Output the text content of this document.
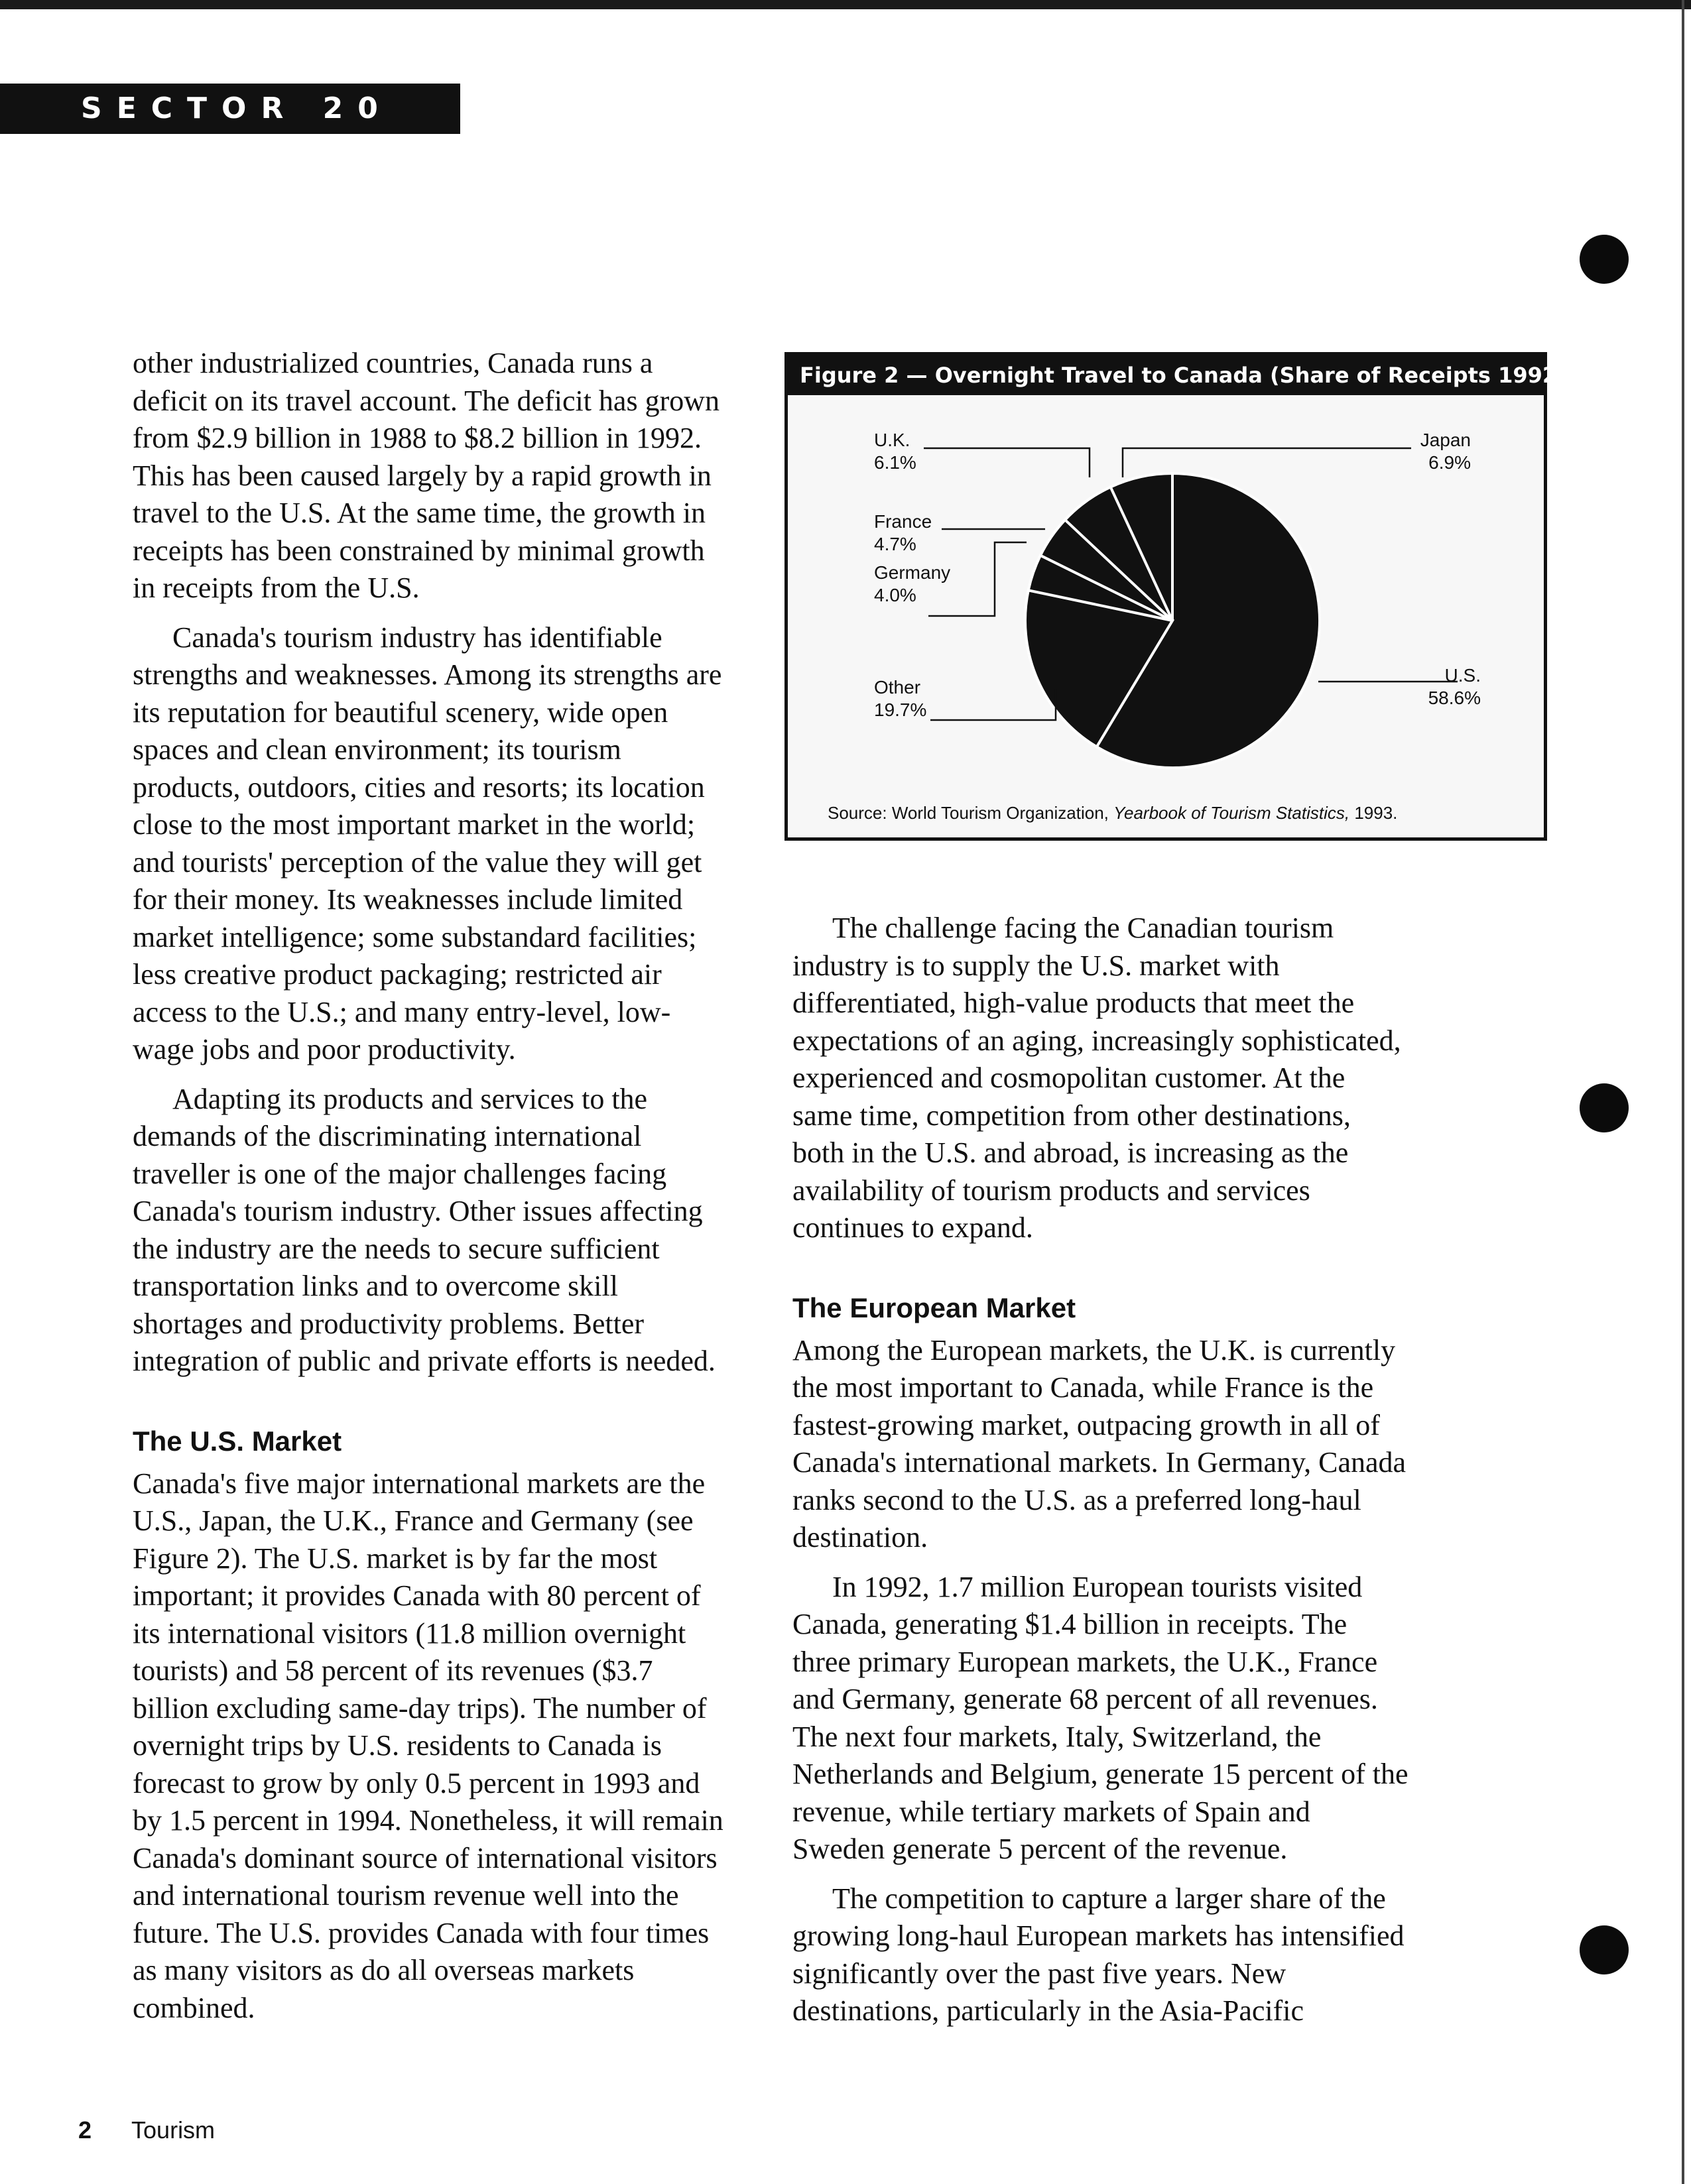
SECTOR 20

other industrialized countries, Canada runs a deficit on its travel account. The deficit has grown from $2.9 billion in 1988 to $8.2 billion in 1992. This has been caused largely by a rapid growth in travel to the U.S. At the same time, the growth in receipts has been constrained by minimal growth in receipts from the U.S.

Canada's tourism industry has identifiable strengths and weaknesses. Among its strengths are its reputation for beautiful scenery, wide open spaces and clean environment; its tourism products, outdoors, cities and resorts; its location close to the most important market in the world; and tourists' perception of the value they will get for their money. Its weaknesses include limited market intelligence; some substandard facilities; less creative product packaging; restricted air access to the U.S.; and many entry-level, low-wage jobs and poor productivity.

Adapting its products and services to the demands of the discriminating international traveller is one of the major challenges facing Canada's tourism industry. Other issues affecting the industry are the needs to secure sufficient transportation links and to overcome skill shortages and productivity problems. Better integration of public and private efforts is needed.

The U.S. Market

Canada's five major international markets are the U.S., Japan, the U.K., France and Germany (see Figure 2). The U.S. market is by far the most important; it provides Canada with 80 percent of its international visitors (11.8 million overnight tourists) and 58 percent of its revenues ($3.7 billion excluding same-day trips). The number of overnight trips by U.S. residents to Canada is forecast to grow by only 0.5 percent in 1993 and by 1.5 percent in 1994. Nonetheless, it will remain Canada's dominant source of international visitors and international tourism revenue well into the future. The U.S. provides Canada with four times as many visitors as do all overseas markets combined.

Figure 2 — Overnight Travel to Canada (Share of Receipts 1992)
U.S.
58.6%
Other
19.7%
Germany
4.0%
France
4.7%
U.K.
6.1%
Japan
6.9%
Source: World Tourism Organization, Yearbook of Tourism Statistics, 1993.

The challenge facing the Canadian tourism industry is to supply the U.S. market with differentiated, high-value products that meet the expectations of an aging, increasingly sophisticated, experienced and cosmopolitan customer. At the same time, competition from other destinations, both in the U.S. and abroad, is increasing as the availability of tourism products and services continues to expand.

The European Market

Among the European markets, the U.K. is currently the most important to Canada, while France is the fastest-growing market, outpacing growth in all of Canada's international markets. In Germany, Canada ranks second to the U.S. as a preferred long-haul destination.

In 1992, 1.7 million European tourists visited Canada, generating $1.4 billion in receipts. The three primary European markets, the U.K., France and Germany, generate 68 percent of all revenues. The next four markets, Italy, Switzerland, the Netherlands and Belgium, generate 15 percent of the revenue, while tertiary markets of Spain and Sweden generate 5 percent of the revenue.

The competition to capture a larger share of the growing long-haul European markets has intensified significantly over the past five years. New destinations, particularly in the Asia-Pacific

2 Tourism
